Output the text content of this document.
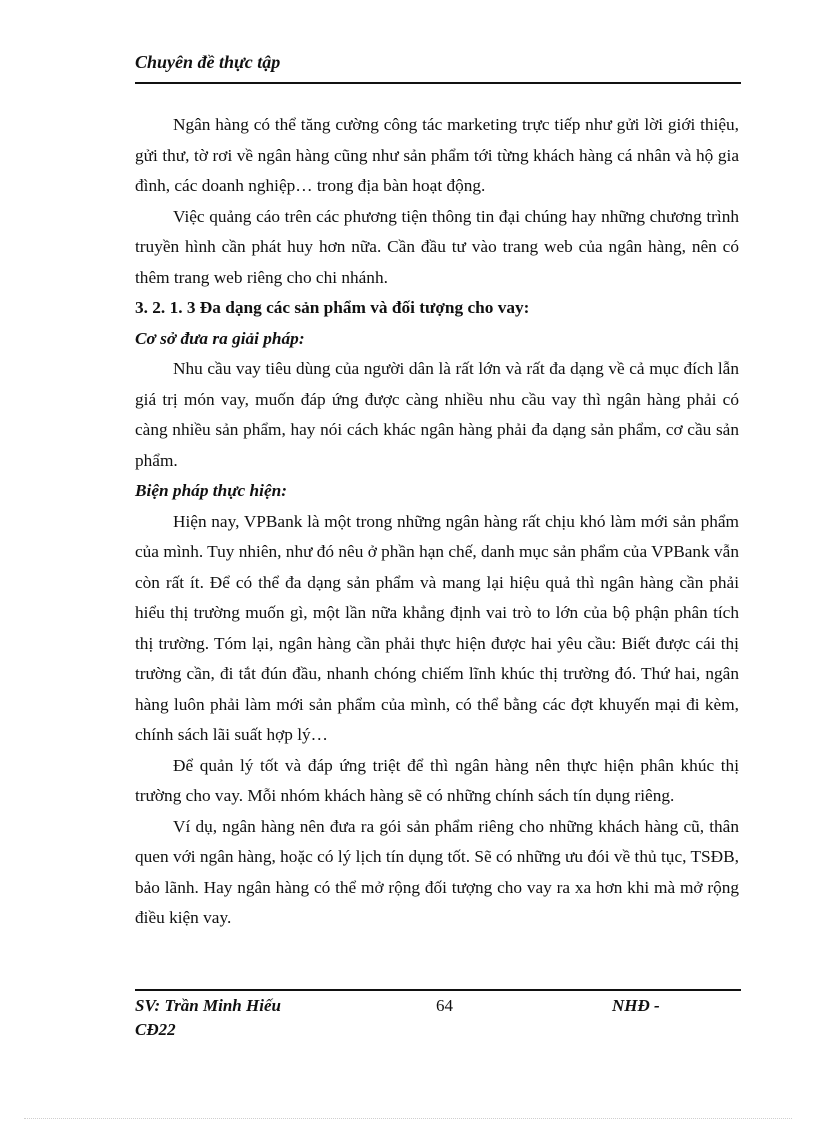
Chuyên đề thực tập

Ngân hàng có thể tăng cường công tác marketing trực tiếp như gửi lời giới thiệu, gửi thư, tờ rơi về ngân hàng cũng như sản phẩm tới từng khách hàng cá nhân và hộ gia đình, các doanh nghiệp… trong địa bàn hoạt động.

Việc quảng cáo trên các phương tiện thông tin đại chúng hay những chương trình truyền hình cần phát huy hơn nữa. Cần đầu tư vào trang web của ngân hàng, nên có thêm trang web riêng cho chi nhánh.

3. 2. 1. 3 Đa dạng các sản phẩm và đối tượng cho vay:

Cơ sở đưa ra giải pháp:

Nhu cầu vay tiêu dùng của người dân là rất lớn và rất đa dạng về cả mục đích lẫn giá trị món vay, muốn đáp ứng được càng nhiều nhu cầu vay thì ngân hàng phải có càng nhiều sản phẩm, hay nói cách khác ngân hàng phải đa dạng sản phẩm, cơ cầu sản phẩm.

Biện pháp thực hiện:

Hiện nay, VPBank là một trong những ngân hàng rất chịu khó làm mới sản phẩm của mình. Tuy nhiên, như đó nêu ở phần hạn chế, danh mục sản phẩm của VPBank vẫn còn rất ít. Để có thể đa dạng sản phẩm và mang lại hiệu quả thì ngân hàng cần phải hiểu thị trường muốn gì, một lần nữa khẳng định vai trò to lớn của bộ phận phân tích thị trường. Tóm lại, ngân hàng cần phải thực hiện được hai yêu cầu: Biết được cái thị trường cần, đi tắt đún đầu, nhanh chóng chiếm lĩnh khúc thị trường đó. Thứ hai, ngân hàng luôn phải làm mới sản phẩm của mình, có thể bằng các đợt khuyến mại đi kèm, chính sách lãi suất hợp lý…

Để quản lý tốt và đáp ứng triệt để thì ngân hàng nên thực hiện phân khúc thị trường cho vay. Mỗi nhóm khách hàng sẽ có những chính sách tín dụng riêng.

Ví dụ, ngân hàng nên đưa ra gói sản phẩm riêng cho những khách hàng cũ, thân quen với ngân hàng, hoặc có lý lịch tín dụng tốt. Sẽ có những ưu đói về thủ tục, TSĐB, bảo lãnh. Hay ngân hàng có thể mở rộng đối tượng cho vay ra xa hơn khi mà mở rộng điều kiện vay.

SV: Trần Minh Hiếu CĐ22
64	NHĐ -
